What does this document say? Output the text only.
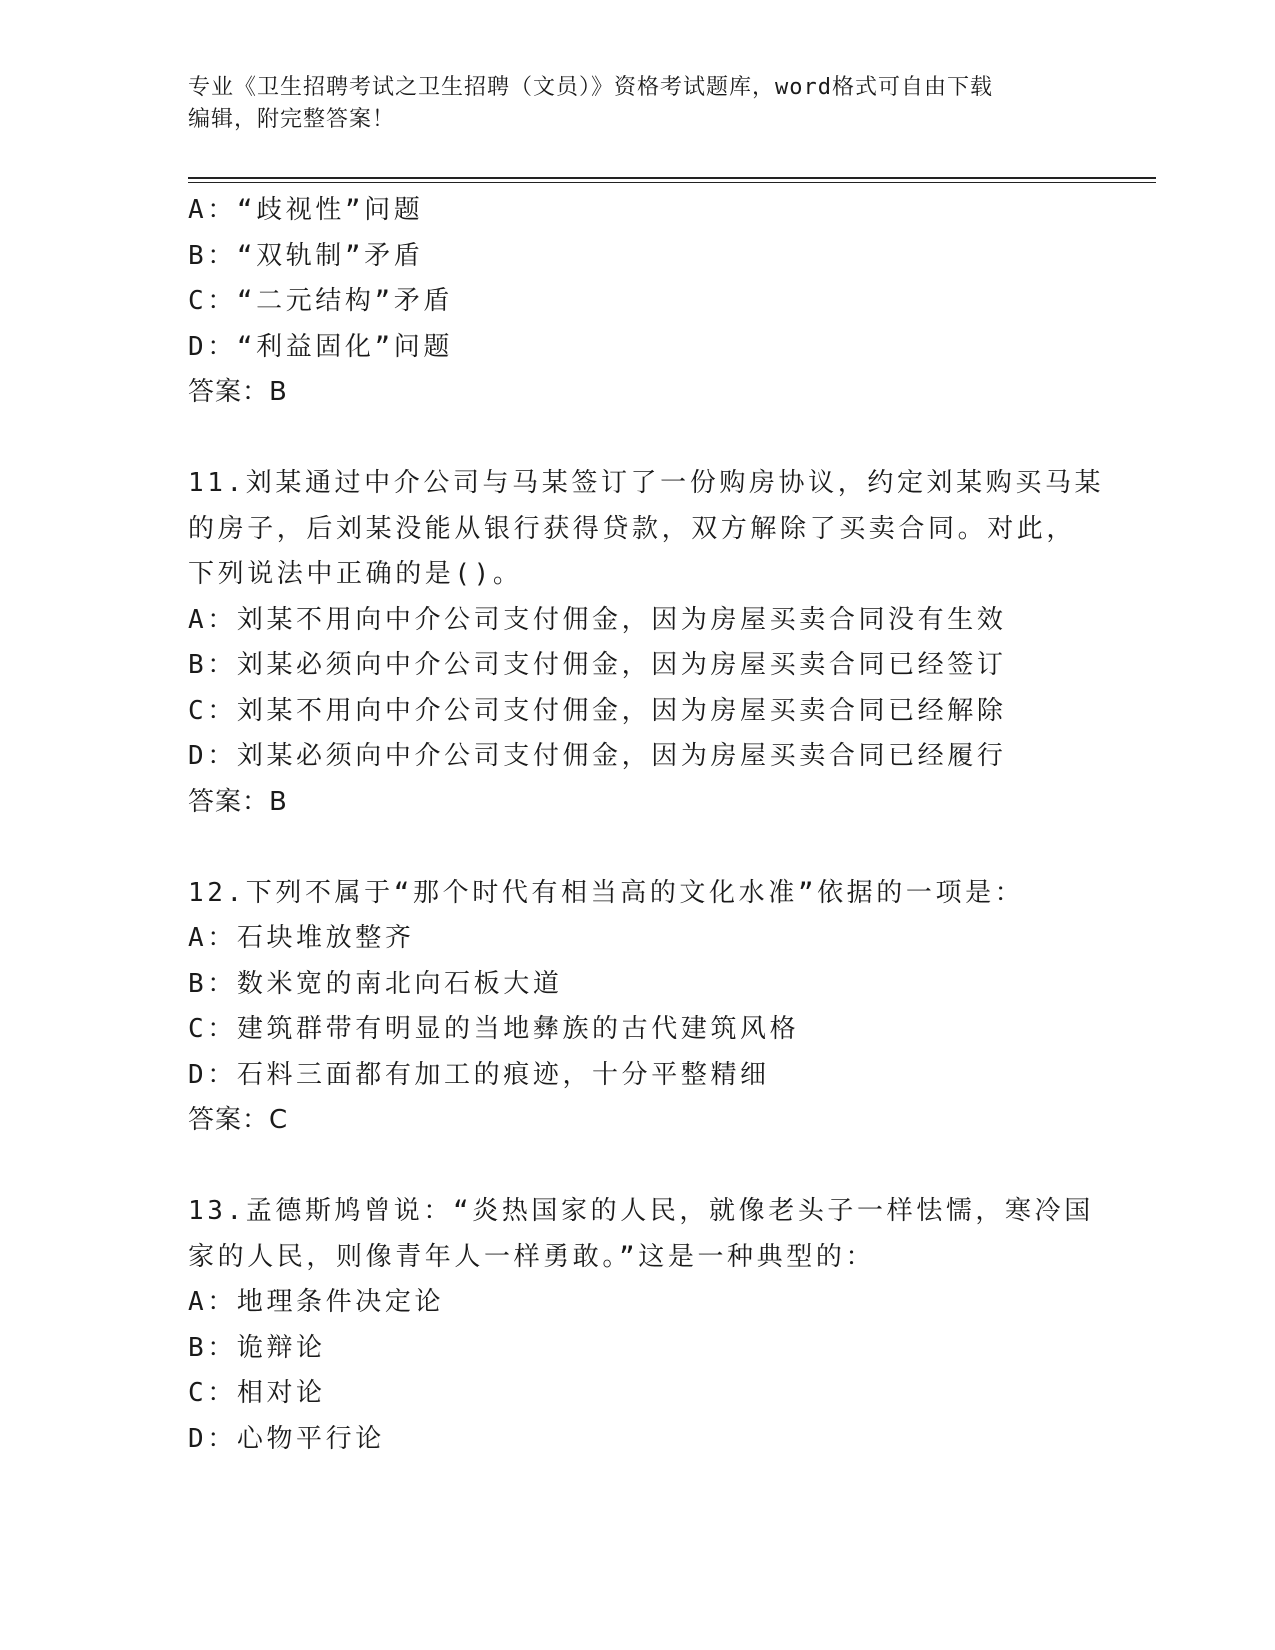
专业《卫生招聘考试之卫生招聘（文员）》资格考试题库，word格式可自由下载
编辑，附完整答案！
A：“歧视性”问题
B：“双轨制”矛盾
C：“二元结构”矛盾
D：“利益固化”问题
答案：B
11.刘某通过中介公司与马某签订了一份购房协议，约定刘某购买马某
的房子，后刘某没能从银行获得贷款，双方解除了买卖合同。对此，
下列说法中正确的是()。
A：刘某不用向中介公司支付佣金，因为房屋买卖合同没有生效
B：刘某必须向中介公司支付佣金，因为房屋买卖合同已经签订
C：刘某不用向中介公司支付佣金，因为房屋买卖合同已经解除
D：刘某必须向中介公司支付佣金，因为房屋买卖合同已经履行
答案：B
12.下列不属于“那个时代有相当高的文化水准”依据的一项是：
A：石块堆放整齐
B：数米宽的南北向石板大道
C：建筑群带有明显的当地彝族的古代建筑风格
D：石料三面都有加工的痕迹，十分平整精细
答案：C
13.孟德斯鸠曾说：“炎热国家的人民，就像老头子一样怯懦，寒冷国
家的人民，则像青年人一样勇敢。”这是一种典型的：
A：地理条件决定论
B：诡辩论
C：相对论
D：心物平行论
